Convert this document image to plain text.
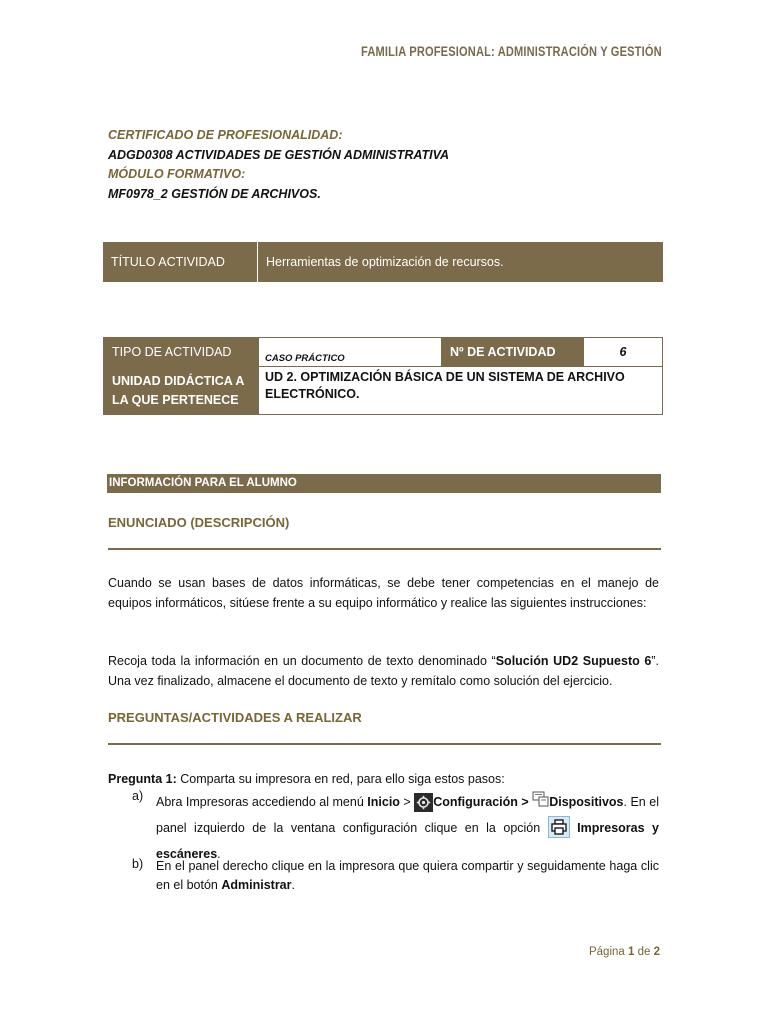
FAMILIA PROFESIONAL: ADMINISTRACIÓN Y GESTIÓN
CERTIFICADO DE PROFESIONALIDAD:
ADGD0308 ACTIVIDADES DE GESTIÓN ADMINISTRATIVA
MÓDULO FORMATIVO:
MF0978_2 GESTIÓN DE ARCHIVOS.
TÍTULO ACTIVIDAD	Herramientas de optimización de recursos.
TIPO DE ACTIVIDAD	CASO PRÁCTICO	Nº DE ACTIVIDAD	6

UNIDAD DIDÁCTICA A
LA QUE PERTENECE	UD 2. OPTIMIZACIÓN BÁSICA DE UN SISTEMA DE ARCHIVO ELECTRÓNICO.		
INFORMACIÓN PARA EL ALUMNO
ENUNCIADO (DESCRIPCIÓN)
Cuando se usan bases de datos informáticas, se debe tener competencias en el manejo de equipos informáticos, sitúese frente a su equipo informático y realice las siguientes instrucciones:
Recoja toda la información en un documento de texto denominado “Solución UD2 Supuesto 6”. Una vez finalizado, almacene el documento de texto y remítalo como solución del ejercicio.
PREGUNTAS/ACTIVIDADES A REALIZAR
Pregunta 1: Comparta su impresora en red, para ello siga estos pasos:
a) Abra Impresoras accediendo al menú Inicio > Configuración > Dispositivos. En el panel izquierdo de la ventana configuración clique en la opción  Impresoras y escáneres.
b) En el panel derecho clique en la impresora que quiera compartir y seguidamente haga clic en el botón Administrar.
Página 1 de 2
